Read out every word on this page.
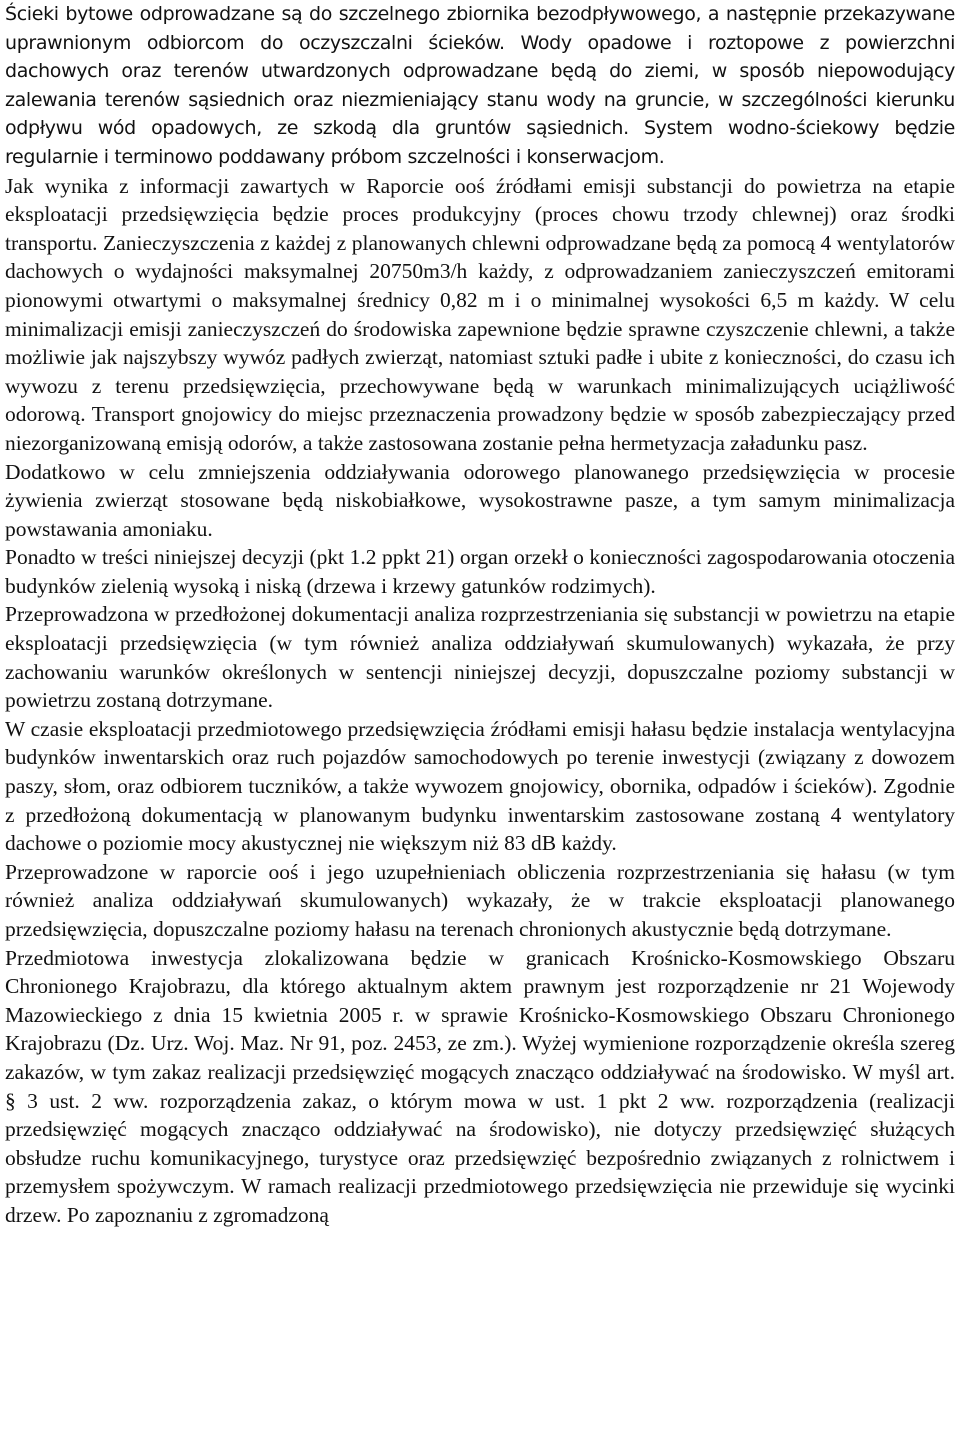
Ścieki bytowe odprowadzane są do szczelnego zbiornika bezodpływowego, a następnie przekazywane uprawnionym odbiorcom do oczyszczalni ścieków. Wody opadowe i roztopowe z powierzchni dachowych oraz terenów utwardzonych odprowadzane będą do ziemi, w sposób niepowodujący zalewania terenów sąsiednich oraz niezmieniający stanu wody na gruncie, w szczególności kierunku odpływu wód opadowych, ze szkodą dla gruntów sąsiednich. System wodno-ściekowy będzie regularnie i terminowo poddawany próbom szczelności i konserwacjom.

Jak wynika z informacji zawartych w Raporcie ooś źródłami emisji substancji do powietrza na etapie eksploatacji przedsięwzięcia będzie proces produkcyjny (proces chowu trzody chlewnej) oraz środki transportu. Zanieczyszczenia z każdej z planowanych chlewni odprowadzane będą za pomocą 4 wentylatorów dachowych o wydajności maksymalnej 20750m3/h każdy, z odprowadzaniem zanieczyszczeń emitorami pionowymi otwartymi o maksymalnej średnicy 0,82 m i o minimalnej wysokości 6,5 m każdy. W celu minimalizacji emisji zanieczyszczeń do środowiska zapewnione będzie sprawne czyszczenie chlewni, a także możliwie jak najszybszy wywóz padłych zwierząt, natomiast sztuki padłe i ubite z konieczności, do czasu ich wywozu z terenu przedsięwzięcia, przechowywane będą w warunkach minimalizujących uciążliwość odorową. Transport gnojowicy do miejsc przeznaczenia prowadzony będzie w sposób zabezpieczający przed niezorganizowaną emisją odorów, a także zastosowana zostanie pełna hermetyzacja załadunku pasz.

Dodatkowo w celu zmniejszenia oddziaływania odorowego planowanego przedsięwzięcia w procesie żywienia zwierząt stosowane będą niskobiałkowe, wysokostrawne pasze, a tym samym minimalizacja powstawania amoniaku.

Ponadto w treści niniejszej decyzji (pkt 1.2 ppkt 21) organ orzekł o konieczności zagospodarowania otoczenia budynków zielenią wysoką i niską (drzewa i krzewy gatunków rodzimych).

Przeprowadzona w przedłożonej dokumentacji analiza rozprzestrzeniania się substancji w powietrzu na etapie eksploatacji przedsięwzięcia (w tym również analiza oddziaływań skumulowanych) wykazała, że przy zachowaniu warunków określonych w sentencji niniejszej decyzji, dopuszczalne poziomy substancji w powietrzu zostaną dotrzymane.

W czasie eksploatacji przedmiotowego przedsięwzięcia źródłami emisji hałasu będzie instalacja wentylacyjna budynków inwentarskich oraz ruch pojazdów samochodowych po terenie inwestycji (związany z dowozem paszy, słom, oraz odbiorem tuczników, a także wywozem gnojowicy, obornika, odpadów i ścieków). Zgodnie z przedłożoną dokumentacją w planowanym budynku inwentarskim zastosowane zostaną 4 wentylatory dachowe o poziomie mocy akustycznej nie większym niż 83 dB każdy.

Przeprowadzone w raporcie ooś i jego uzupełnieniach obliczenia rozprzestrzeniania się hałasu (w tym również analiza oddziaływań skumulowanych) wykazały, że w trakcie eksploatacji planowanego przedsięwzięcia, dopuszczalne poziomy hałasu na terenach chronionych akustycznie będą dotrzymane.

Przedmiotowa inwestycja zlokalizowana będzie w granicach Krośnicko-Kosmowskiego Obszaru Chronionego Krajobrazu, dla którego aktualnym aktem prawnym jest rozporządzenie nr 21 Wojewody Mazowieckiego z dnia 15 kwietnia 2005 r. w sprawie Krośnicko-Kosmowskiego Obszaru Chronionego Krajobrazu (Dz. Urz. Woj. Maz. Nr 91, poz. 2453, ze zm.). Wyżej wymienione rozporządzenie określa szereg zakazów, w tym zakaz realizacji przedsięwzięć mogących znacząco oddziaływać na środowisko. W myśl art. § 3 ust. 2 ww. rozporządzenia zakaz, o którym mowa w ust. 1 pkt 2 ww. rozporządzenia (realizacji przedsięwzięć mogących znacząco oddziaływać na środowisko), nie dotyczy przedsięwzięć służących obsłudze ruchu komunikacyjnego, turystyce oraz przedsięwzięć bezpośrednio związanych z rolnictwem i przemysłem spożywczym. W ramach realizacji przedmiotowego przedsięwzięcia nie przewiduje się wycinki drzew. Po zapoznaniu z zgromadzoną
